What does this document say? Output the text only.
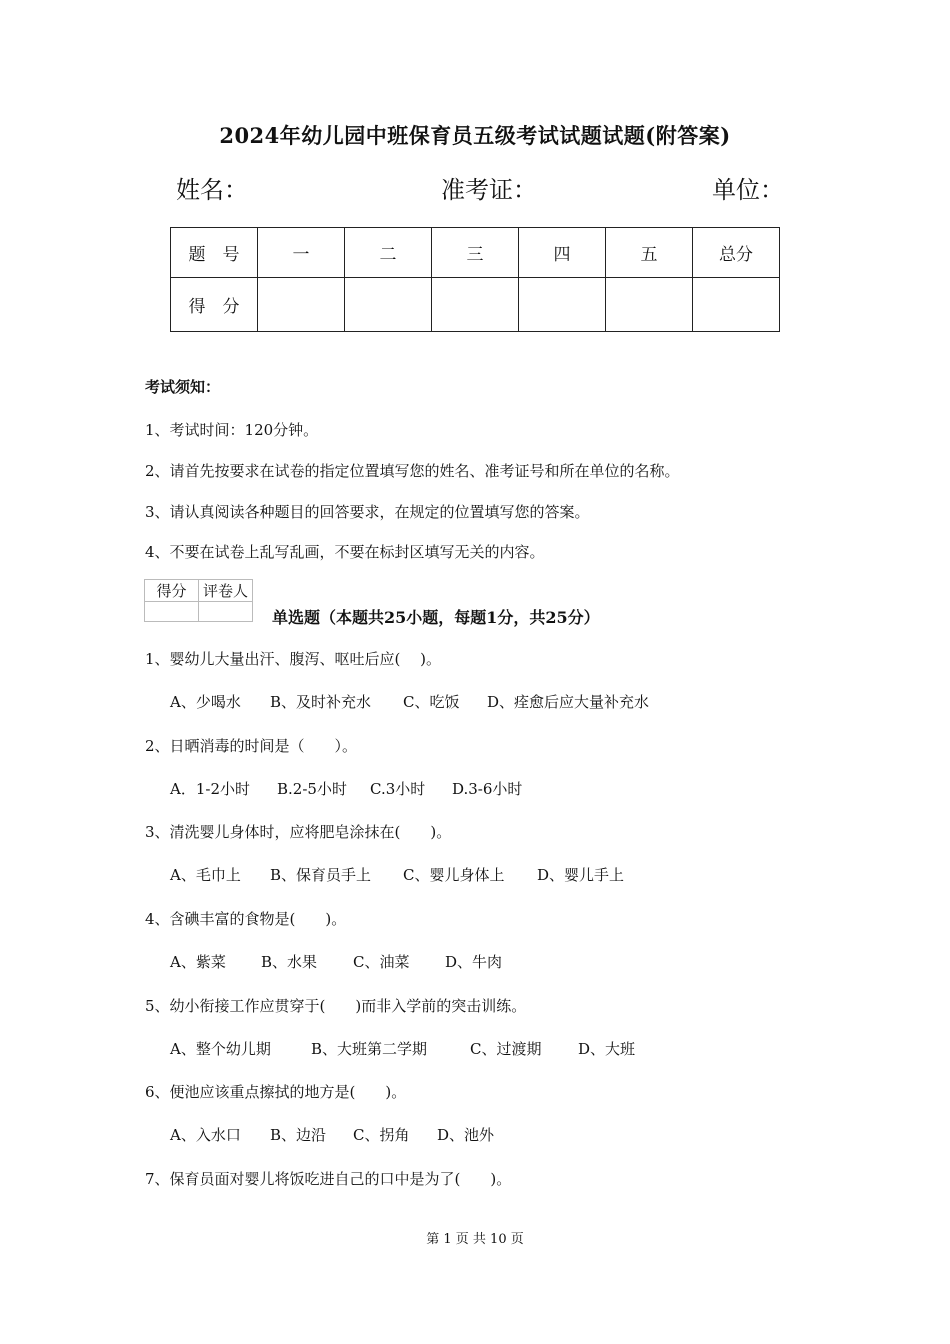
2024年幼儿园中班保育员五级考试试题试题(附答案)
姓名：	准考证：	单位：
题　号	一	二	三	四	五	总分
得　分						
考试须知：
1、考试时间：120分钟。
2、请首先按要求在试卷的指定位置填写您的姓名、准考证号和所在单位的名称。
3、请认真阅读各种题目的回答要求，在规定的位置填写您的答案。
4、不要在试卷上乱写乱画，不要在标封区填写无关的内容。
得分	评卷人

单选题（本题共25小题，每题1分，共25分）
1、婴幼儿大量出汗、腹泻、呕吐后应(　 )。
A、少喝水 B、及时补充水 C、吃饭 D、痊愈后应大量补充水
2、日晒消毒的时间是（　　）。
A．1-2小时 B.2-5小时 C.3小时 D.3-6小时
3、清洗婴儿身体时，应将肥皂涂抹在(　　)。
A、毛巾上 B、保育员手上 C、婴儿身体上 D、婴儿手上
4、含碘丰富的食物是(　　)。
A、紫菜 B、水果 C、油菜 D、牛肉
5、幼小衔接工作应贯穿于(　　)而非入学前的突击训练。
A、整个幼儿期	B、大班第二学期	C、过渡期 D、大班
6、便池应该重点擦拭的地方是(　　)。
A、入水口 B、边沿 C、拐角 D、池外
7、保育员面对婴儿将饭吃进自己的口中是为了(　　)。
第 1 页 共 10 页
